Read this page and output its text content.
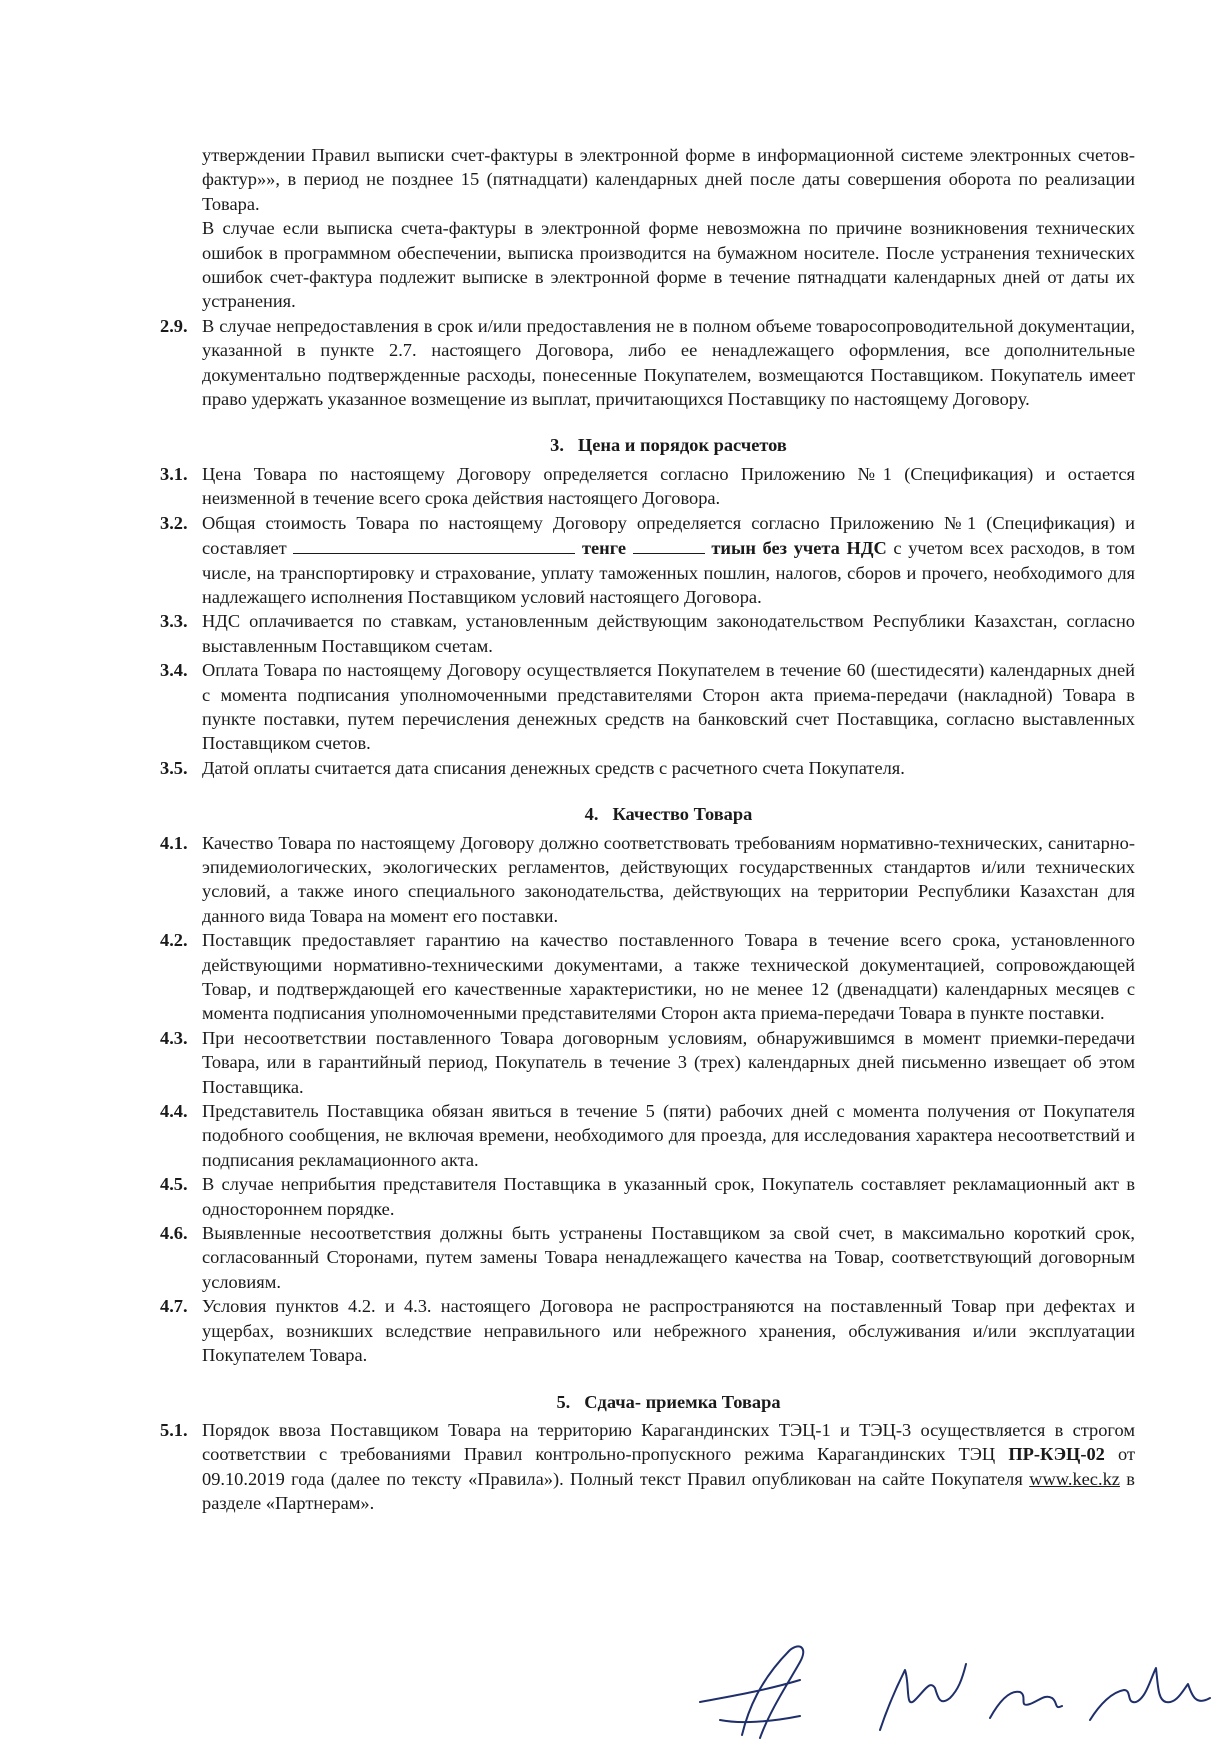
утверждении Правил выписки счет-фактуры в электронной форме в информационной системе электронных счетов-фактур»», в период не позднее 15 (пятнадцати) календарных дней после даты совершения оборота по реализации Товара.

В случае если выписка счета-фактуры в электронной форме невозможна по причине возникновения технических ошибок в программном обеспечении, выписка производится на бумажном носителе. После устранения технических ошибок счет-фактура подлежит выписке в электронной форме в течение пятнадцати календарных дней от даты их устранения.

2.9. В случае непредоставления в срок и/или предоставления не в полном объеме товаросопроводительной документации, указанной в пункте 2.7. настоящего Договора, либо ее ненадлежащего оформления, все дополнительные документально подтвержденные расходы, понесенные Покупателем, возмещаются Поставщиком. Покупатель имеет право удержать указанное возмещение из выплат, причитающихся Поставщику по настоящему Договору.
3. Цена и порядок расчетов
3.1. Цена Товара по настоящему Договору определяется согласно Приложению №1 (Спецификация) и остается неизменной в течение всего срока действия настоящего Договора.
3.2. Общая стоимость Товара по настоящему Договору определяется согласно Приложению №1 (Спецификация) и составляет	тенге	тиын без учета НДС с учетом всех расходов, в том числе, на транспортировку и страхование, уплату таможенных пошлин, налогов, сборов и прочего, необходимого для надлежащего исполнения Поставщиком условий настоящего Договора.
3.3. НДС оплачивается по ставкам, установленным действующим законодательством Республики Казахстан, согласно выставленным Поставщиком счетам.
3.4. Оплата Товара по настоящему Договору осуществляется Покупателем в течение 60 (шестидесяти) календарных дней с момента подписания уполномоченными представителями Сторон акта приема-передачи (накладной) Товара в пункте поставки, путем перечисления денежных средств на банковский счет Поставщика, согласно выставленных Поставщиком счетов.
3.5. Датой оплаты считается дата списания денежных средств с расчетного счета Покупателя.
4. Качество Товара
4.1. Качество Товара по настоящему Договору должно соответствовать требованиям нормативно-технических, санитарно-эпидемиологических, экологических регламентов, действующих государственных стандартов и/или технических условий, а также иного специального законодательства, действующих на территории Республики Казахстан для данного вида Товара на момент его поставки.
4.2. Поставщик предоставляет гарантию на качество поставленного Товара в течение всего срока, установленного действующими нормативно-техническими документами, а также технической документацией, сопровождающей Товар, и подтверждающей его качественные характеристики, но не менее 12 (двенадцати) календарных месяцев с момента подписания уполномоченными представителями Сторон акта приема-передачи Товара в пункте поставки.
4.3. При несоответствии поставленного Товара договорным условиям, обнаружившимся в момент приемки-передачи Товара, или в гарантийный период, Покупатель в течение 3 (трех) календарных дней письменно извещает об этом Поставщика.
4.4. Представитель Поставщика обязан явиться в течение 5 (пяти) рабочих дней с момента получения от Покупателя подобного сообщения, не включая времени, необходимого для проезда, для исследования характера несоответствий и подписания рекламационного акта.
4.5. В случае неприбытия представителя Поставщика в указанный срок, Покупатель составляет рекламационный акт в одностороннем порядке.
4.6. Выявленные несоответствия должны быть устранены Поставщиком за свой счет, в максимально короткий срок, согласованный Сторонами, путем замены Товара ненадлежащего качества на Товар, соответствующий договорным условиям.
4.7. Условия пунктов 4.2. и 4.3. настоящего Договора не распространяются на поставленный Товар при дефектах и ущербах, возникших вследствие неправильного или небрежного хранения, обслуживания и/или эксплуатации Покупателем Товара.
5. Сдача- приемка Товара
5.1. Порядок ввоза Поставщиком Товара на территорию Карагандинских ТЭЦ-1 и ТЭЦ-3 осуществляется в строгом соответствии с требованиями Правил контрольно-пропускного режима Карагандинских ТЭЦ ПР-КЭЦ-02 от 09.10.2019 года (далее по тексту «Правила»). Полный текст Правил опубликован на сайте Покупателя www.kec.kz в разделе «Партнерам».
